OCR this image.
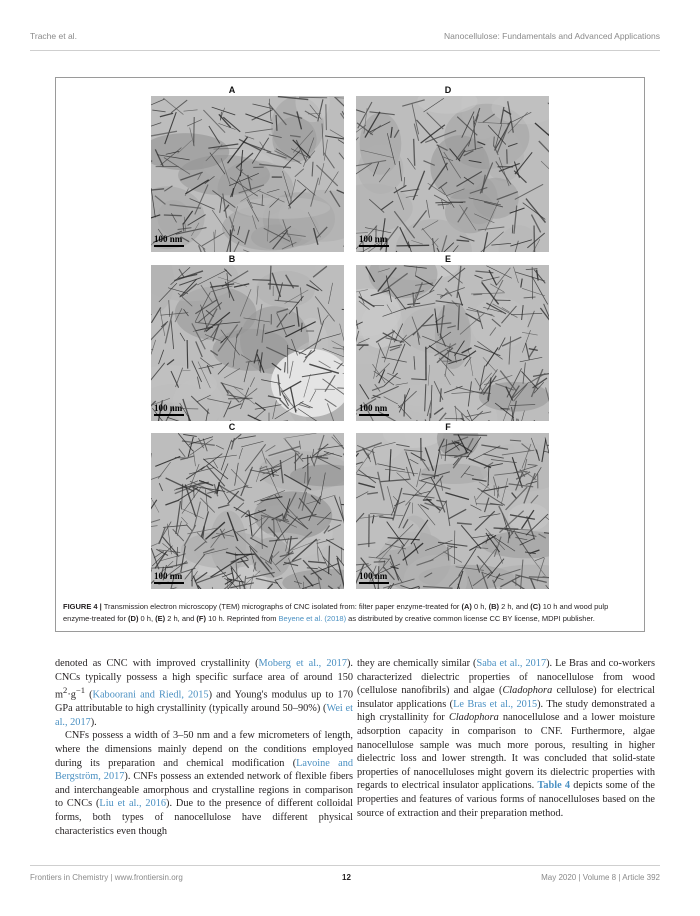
Trache et al.	Nanocellulose: Fundamentals and Advanced Applications
A
B
C
D
E
F
100 nm
100 nm
100 nm
100 nm
100 nm
100 nm
FIGURE 4 | Transmission electron microscopy (TEM) micrographs of CNC isolated from: filter paper enzyme-treated for (A) 0 h, (B) 2 h, and (C) 10 h and wood pulp enzyme-treated for (D) 0 h, (E) 2 h, and (F) 10 h. Reprinted from Beyene et al. (2018) as distributed by creative common license CC BY license, MDPI publisher.

denoted as CNC with improved crystallinity (Moberg et al., 2017). CNCs typically possess a high specific surface area of around 150 $m^2\cdot g^{-1}$ (Kaboorani and Riedl, 2015) and Young's modulus up to 170 GPa attributable to high crystallinity (typically around 50–90%) (Wei et al., 2017).

CNFs possess a width of 3–50 nm and a few micrometers of length, where the dimensions mainly depend on the conditions employed during its preparation and chemical modification (Lavoine and Bergström, 2017). CNFs possess an extended network of flexible fibers and interchangeable amorphous and crystalline regions in comparison to CNCs (Liu et al., 2016). Due to the presence of different colloidal forms, both types of nanocellulose have different physical characteristics even though

they are chemically similar (Saba et al., 2017). Le Bras and co-workers characterized dielectric properties of nanocellulose from wood (cellulose nanofibrils) and algae (Cladophora cellulose) for electrical insulator applications (Le Bras et al., 2015). The study demonstrated a high crystallinity for Cladophora nanocellulose and a lower moisture adsorption capacity in comparison to CNF. Furthermore, algae nanocellulose sample was much more porous, resulting in higher dielectric loss and lower strength. It was concluded that solid-state properties of nanocelluloses might govern its dielectric properties with regards to electrical insulator applications. Table 4 depicts some of the properties and features of various forms of nanocelluloses based on the source of extraction and their preparation method.

Frontiers in Chemistry | www.frontiersin.org	12	May 2020 | Volume 8 | Article 392
